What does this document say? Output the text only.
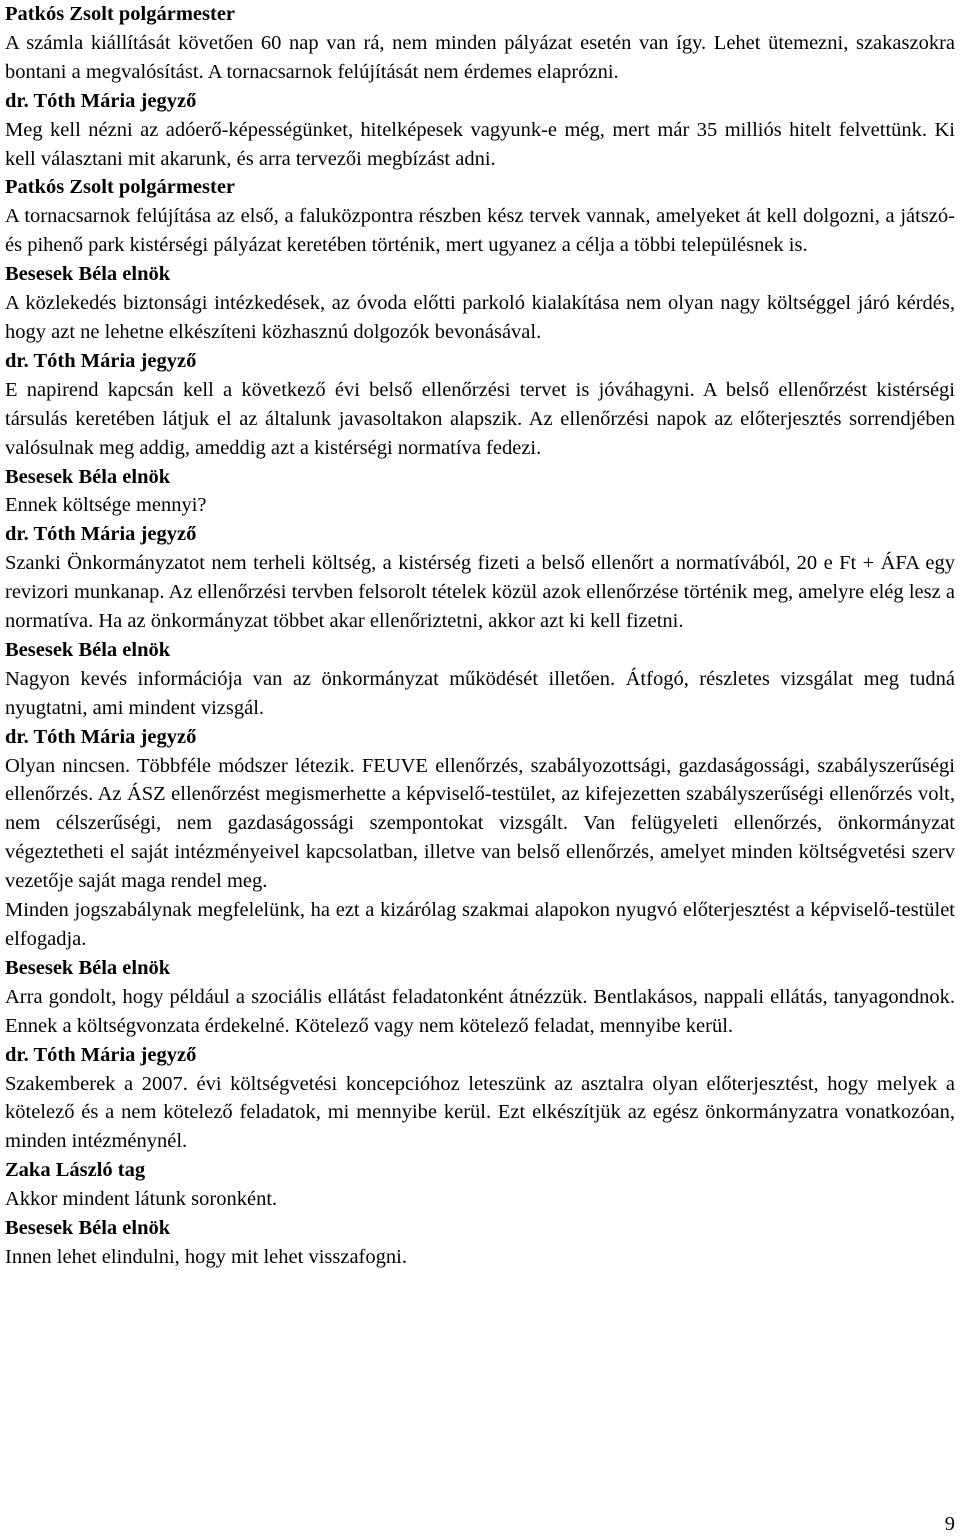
Patkós Zsolt polgármester

A számla kiállítását követően 60 nap van rá, nem minden pályázat esetén van így. Lehet ütemezni, szakaszokra bontani a megvalósítást. A tornacsarnok felújítását nem érdemes elaprózni.

dr. Tóth Mária jegyző

Meg kell nézni az adóerő-képességünket, hitelképesek vagyunk-e még, mert már 35 milliós hitelt felvettünk. Ki kell választani mit akarunk, és arra tervezői megbízást adni.

Patkós Zsolt polgármester

A tornacsarnok felújítása az első, a faluközpontra részben kész tervek vannak, amelyeket át kell dolgozni, a játszó- és pihenő park kistérségi pályázat keretében történik, mert ugyanez a célja a többi településnek is.

Besesek Béla elnök

A közlekedés biztonsági intézkedések, az óvoda előtti parkoló kialakítása nem olyan nagy költséggel járó kérdés, hogy azt ne lehetne elkészíteni közhasznú dolgozók bevonásával.

dr. Tóth Mária jegyző

E napirend kapcsán kell a következő évi belső ellenőrzési tervet is jóváhagyni. A belső ellenőrzést kistérségi társulás keretében látjuk el az általunk javasoltakon alapszik. Az ellenőrzési napok az előterjesztés sorrendjében valósulnak meg addig, ameddig azt a kistérségi normatíva fedezi.

Besesek Béla elnök

Ennek költsége mennyi?

dr. Tóth Mária jegyző

Szanki Önkormányzatot nem terheli költség, a kistérség fizeti a belső ellenőrt a normatívából, 20 e Ft + ÁFA egy revizori munkanap. Az ellenőrzési tervben felsorolt tételek közül azok ellenőrzése történik meg, amelyre elég lesz a normatíva. Ha az önkormányzat többet akar ellenőriztetni, akkor azt ki kell fizetni.

Besesek Béla elnök

Nagyon kevés információja van az önkormányzat működését illetően. Átfogó, részletes vizsgálat meg tudná nyugtatni, ami mindent vizsgál.

dr. Tóth Mária jegyző

Olyan nincsen. Többféle módszer létezik. FEUVE ellenőrzés, szabályozottsági, gazdaságossági, szabályszerűségi ellenőrzés. Az ÁSZ ellenőrzést megismerhette a képviselő-testület, az kifejezetten szabályszerűségi ellenőrzés volt, nem célszerűségi, nem gazdaságossági szempontokat vizsgált. Van felügyeleti ellenőrzés, önkormányzat végeztetheti el saját intézményeivel kapcsolatban, illetve van belső ellenőrzés, amelyet minden költségvetési szerv vezetője saját maga rendel meg.

Minden jogszabálynak megfelelünk, ha ezt a kizárólag szakmai alapokon nyugvó előterjesztést a képviselő-testület elfogadja.

Besesek Béla elnök

Arra gondolt, hogy például a szociális ellátást feladatonként átnézzük. Bentlakásos, nappali ellátás, tanyagondnok. Ennek a költségvonzata érdekelné. Kötelező vagy nem kötelező feladat, mennyibe kerül.

dr. Tóth Mária jegyző

Szakemberek a 2007. évi költségvetési koncepcióhoz leteszünk az asztalra olyan előterjesztést, hogy melyek a kötelező és a nem kötelező feladatok, mi mennyibe kerül. Ezt elkészítjük az egész önkormányzatra vonatkozóan, minden intézménynél.

Zaka László tag

Akkor mindent látunk soronként.

Besesek Béla elnök

Innen lehet elindulni, hogy mit lehet visszafogni.

9
